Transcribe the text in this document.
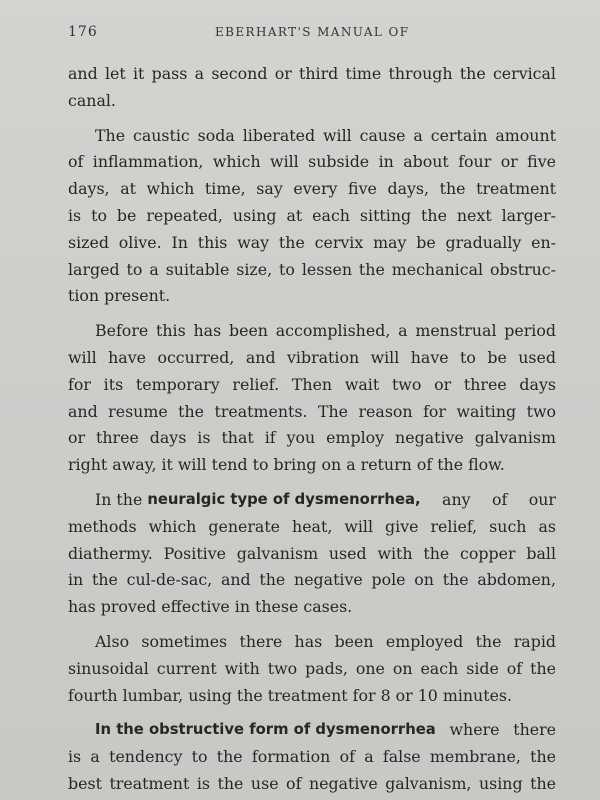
176	EBERHART'S MANUAL OF
and let it pass a second or third time through the cervical
canal.
The caustic soda liberated will cause a certain amount
of inflammation, which will subside in about four or five
days, at which time, say every five days, the treatment
is to be repeated, using at each sitting the next larger-
sized olive. In this way the cervix may be gradually en-
larged to a suitable size, to lessen the mechanical obstruc-
tion present.
Before this has been accomplished, a menstrual period
will have occurred, and vibration will have to be used
for its temporary relief. Then wait two or three days
and resume the treatments. The reason for waiting two
or three days is that if you employ negative galvanism
right away, it will tend to bring on a return of the flow.
In the neuralgic type of dysmenorrhea, any of our
methods which generate heat, will give relief, such as
diathermy. Positive galvanism used with the copper ball
in the cul-de-sac, and the negative pole on the abdomen,
has proved effective in these cases.
Also sometimes there has been employed the rapid
sinusoidal current with two pads, one on each side of the
fourth lumbar, using the treatment for 8 or 10 minutes.
In the obstructive form of dysmenorrhea where there
is a tendency to the formation of a false membrane, the
best treatment is the use of negative galvanism, using the
